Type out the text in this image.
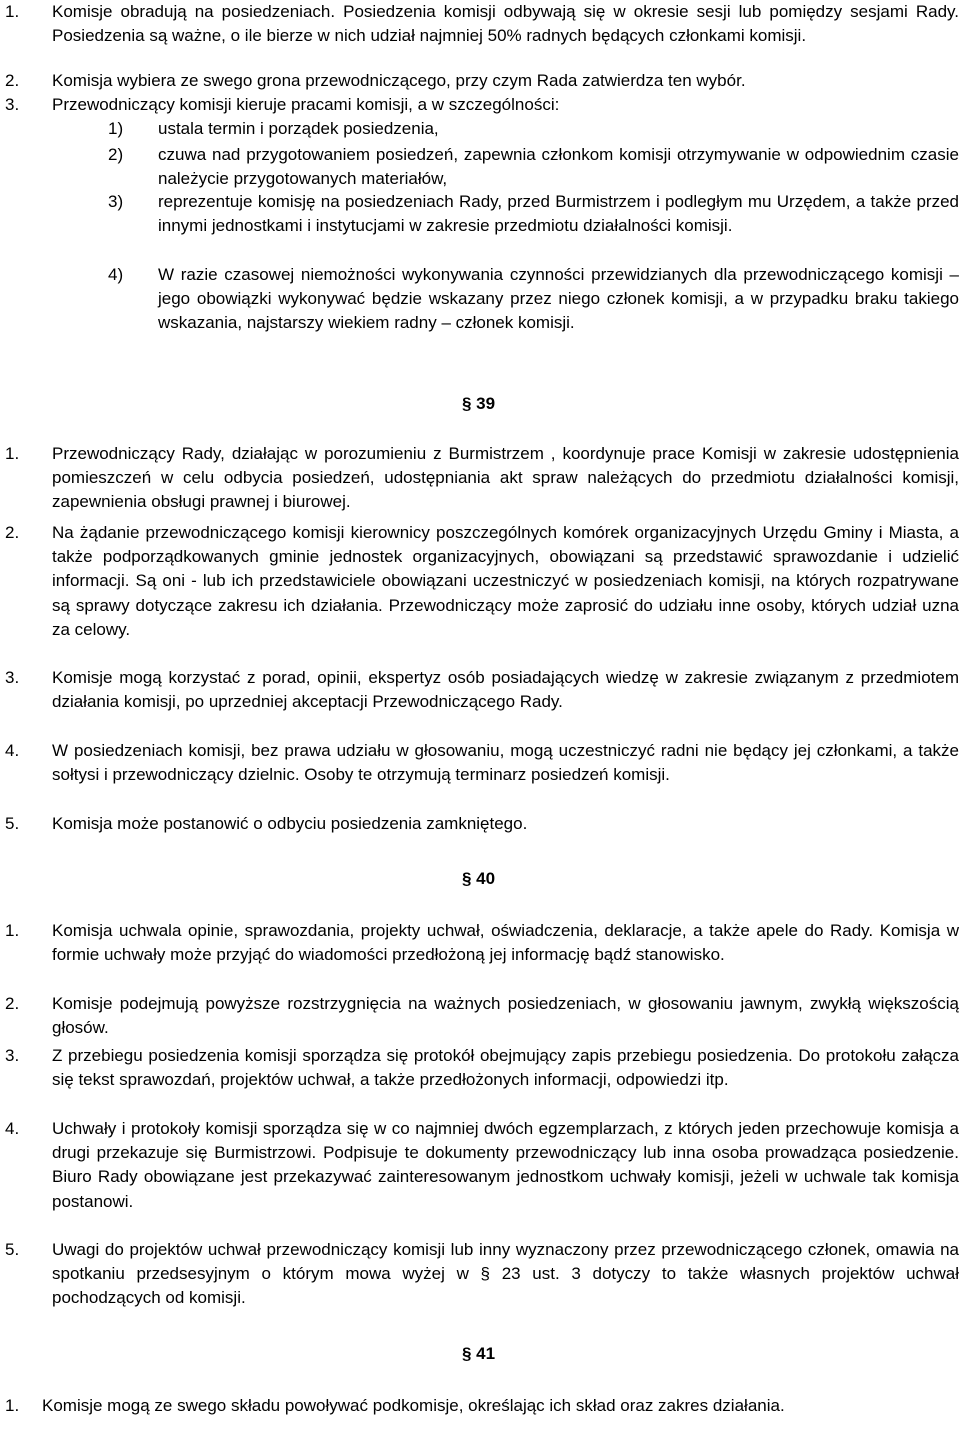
1.	Komisje obradują na posiedzeniach. Posiedzenia komisji odbywają się w okresie sesji lub pomiędzy sesjami Rady. Posiedzenia są ważne, o ile bierze w nich udział najmniej 50% radnych będących członkami komisji.
2.	Komisja wybiera ze swego grona przewodniczącego, przy czym Rada zatwierdza ten wybór.
3.	Przewodniczący komisji kieruje pracami komisji, a w szczególności:
1)	ustala termin i porządek posiedzenia,
2)	czuwa nad przygotowaniem posiedzeń, zapewnia członkom komisji otrzymywanie w odpowiednim czasie należycie przygotowanych materiałów,
3)	reprezentuje komisję na posiedzeniach Rady, przed Burmistrzem i podległym mu Urzędem, a także przed innymi jednostkami i instytucjami w zakresie przedmiotu działalności komisji.
4)	W razie czasowej niemożności wykonywania czynności przewidzianych dla przewodniczącego komisji – jego obowiązki wykonywać będzie wskazany przez niego członek komisji, a w przypadku braku takiego wskazania, najstarszy wiekiem radny – członek komisji.
§ 39
1.	Przewodniczący Rady, działając w porozumieniu z Burmistrzem , koordynuje prace Komisji w zakresie udostępnienia pomieszczeń w celu odbycia posiedzeń, udostępniania akt spraw należących do przedmiotu działalności komisji, zapewnienia obsługi prawnej i biurowej.
2.	Na żądanie przewodniczącego komisji kierownicy poszczególnych komórek organizacyjnych Urzędu Gminy i Miasta, a także podporządkowanych gminie jednostek organizacyjnych, obowiązani są przedstawić sprawozdanie i udzielić informacji. Są oni - lub ich przedstawiciele obowiązani uczestniczyć w posiedzeniach komisji, na których rozpatrywane są sprawy dotyczące zakresu ich działania. Przewodniczący może zaprosić do udziału inne osoby, których udział uzna za celowy.
3.	Komisje mogą korzystać z porad, opinii, ekspertyz osób posiadających wiedzę w zakresie związanym z przedmiotem działania komisji, po uprzedniej akceptacji Przewodniczącego Rady.
4.	W posiedzeniach komisji, bez prawa udziału w głosowaniu, mogą uczestniczyć radni nie będący jej członkami, a także sołtysi i przewodniczący dzielnic. Osoby te otrzymują terminarz posiedzeń komisji.
5.	Komisja może postanowić o odbyciu posiedzenia zamkniętego.
§ 40
1.	Komisja uchwala opinie, sprawozdania, projekty uchwał, oświadczenia, deklaracje, a także apele do Rady. Komisja w formie uchwały może przyjąć do wiadomości przedłożoną jej informację bądź stanowisko.
2.	Komisje podejmują powyższe rozstrzygnięcia na ważnych posiedzeniach, w głosowaniu jawnym, zwykłą większością głosów.
3.	Z przebiegu posiedzenia komisji sporządza się protokół obejmujący zapis przebiegu posiedzenia. Do protokołu załącza się tekst sprawozdań, projektów uchwał, a także przedłożonych informacji, odpowiedzi itp.
4.	Uchwały i protokoły komisji sporządza się w co najmniej dwóch egzemplarzach, z których jeden przechowuje komisja a drugi przekazuje się Burmistrzowi. Podpisuje te dokumenty przewodniczący lub inna osoba prowadząca posiedzenie. Biuro Rady obowiązane jest przekazywać zainteresowanym jednostkom uchwały komisji, jeżeli w uchwale tak komisja postanowi.
5.	Uwagi do projektów uchwał przewodniczący komisji lub inny wyznaczony przez przewodniczącego członek, omawia na spotkaniu przedsesyjnym o którym mowa wyżej w § 23 ust. 3 dotyczy to także własnych projektów uchwał pochodzących od komisji.
§ 41
1.	Komisje mogą ze swego składu powoływać podkomisje, określając ich skład oraz zakres działania.
